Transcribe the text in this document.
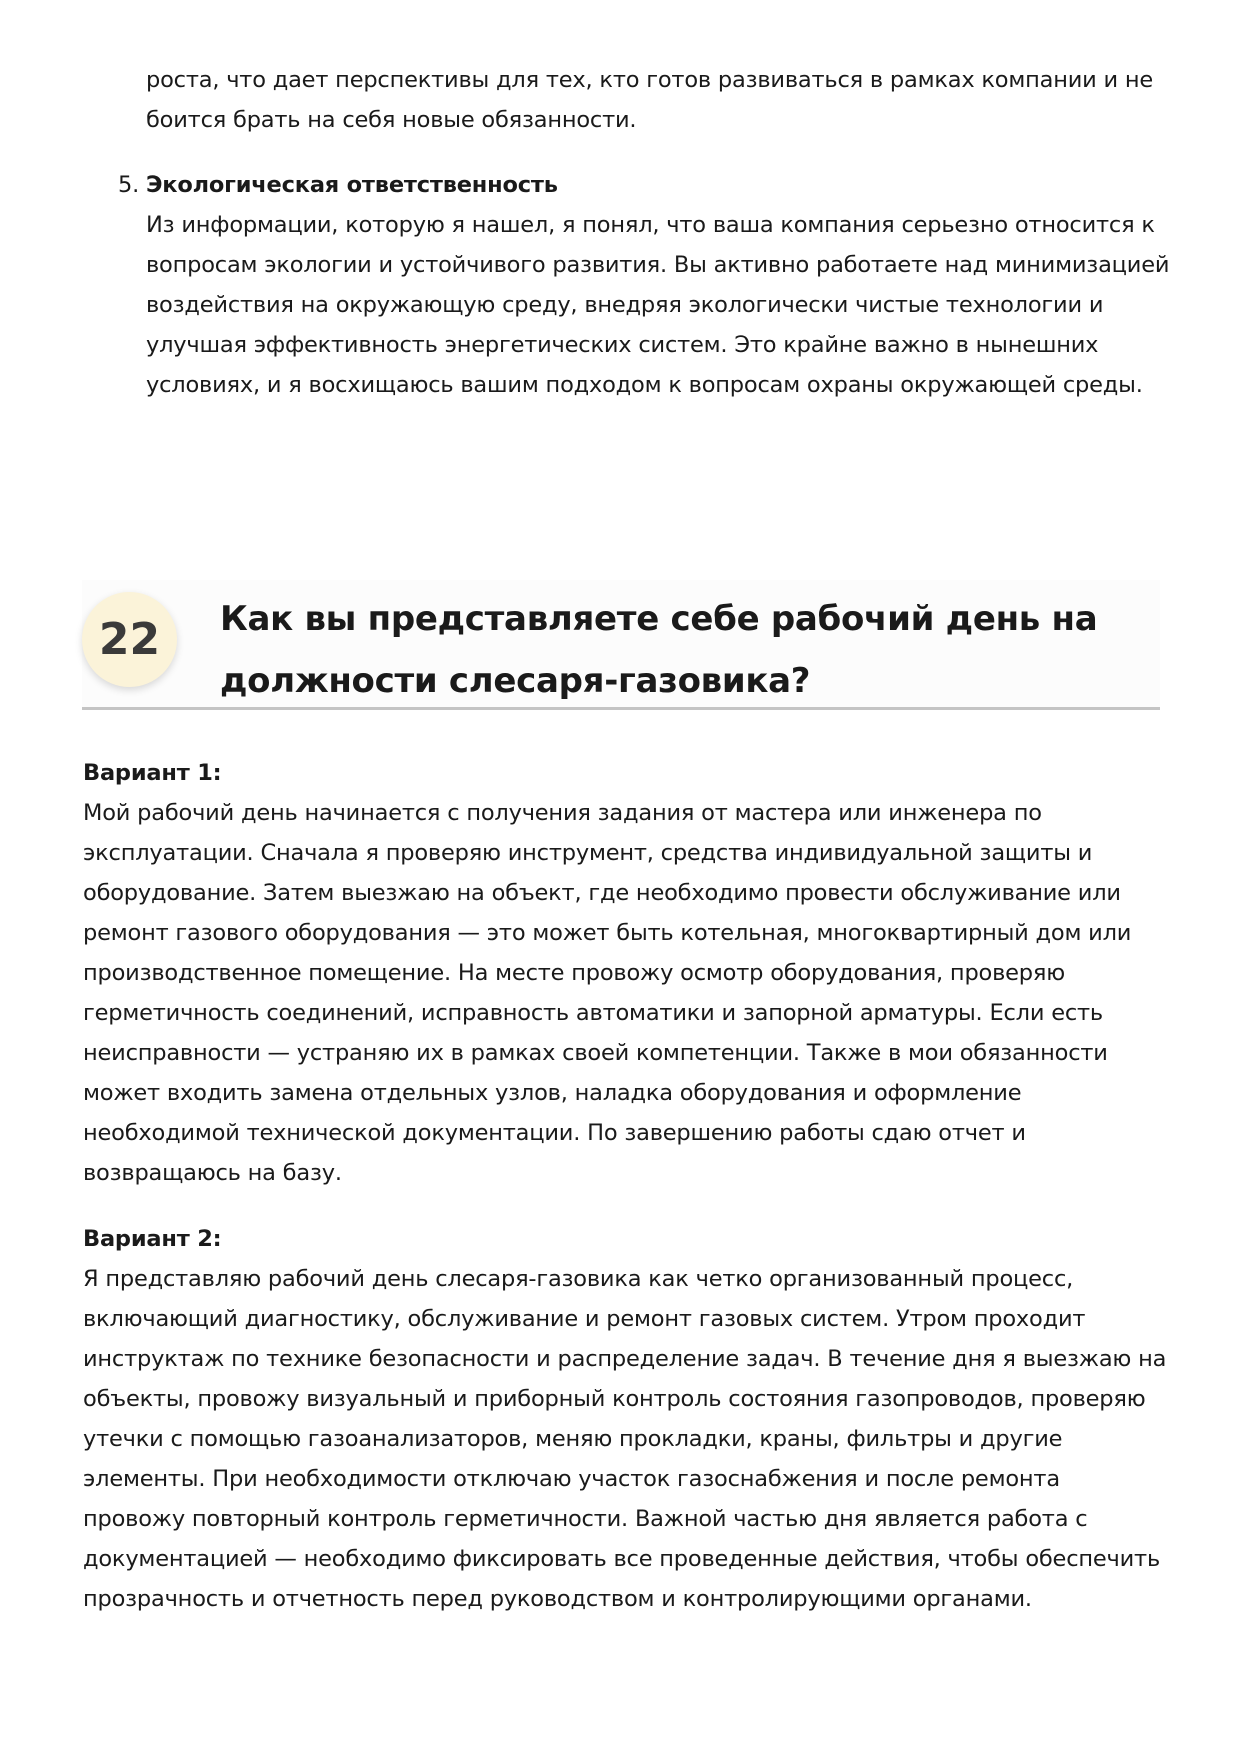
роста, что дает перспективы для тех, кто готов развиваться в рамках компании и не боится брать на себя новые обязанности.

5. Экологическая ответственность
Из информации, которую я нашел, я понял, что ваша компания серьезно относится к вопросам экологии и устойчивого развития. Вы активно работаете над минимизацией воздействия на окружающую среду, внедряя экологически чистые технологии и улучшая эффективность энергетических систем. Это крайне важно в нынешних условиях, и я восхищаюсь вашим подходом к вопросам охраны окружающей среды.
22	Как вы представляете себе рабочий день на должности слесаря-газовика?
Вариант 1:
Мой рабочий день начинается с получения задания от мастера или инженера по эксплуатации. Сначала я проверяю инструмент, средства индивидуальной защиты и оборудование. Затем выезжаю на объект, где необходимо провести обслуживание или ремонт газового оборудования — это может быть котельная, многоквартирный дом или производственное помещение. На месте провожу осмотр оборудования, проверяю герметичность соединений, исправность автоматики и запорной арматуры. Если есть неисправности — устраняю их в рамках своей компетенции. Также в мои обязанности может входить замена отдельных узлов, наладка оборудования и оформление необходимой технической документации. По завершению работы сдаю отчет и возвращаюсь на базу.
Вариант 2:
Я представляю рабочий день слесаря-газовика как четко организованный процесс, включающий диагностику, обслуживание и ремонт газовых систем. Утром проходит инструктаж по технике безопасности и распределение задач. В течение дня я выезжаю на объекты, провожу визуальный и приборный контроль состояния газопроводов, проверяю утечки с помощью газоанализаторов, меняю прокладки, краны, фильтры и другие элементы. При необходимости отключаю участок газоснабжения и после ремонта провожу повторный контроль герметичности. Важной частью дня является работа с документацией — необходимо фиксировать все проведенные действия, чтобы обеспечить прозрачность и отчетность перед руководством и контролирующими органами.
